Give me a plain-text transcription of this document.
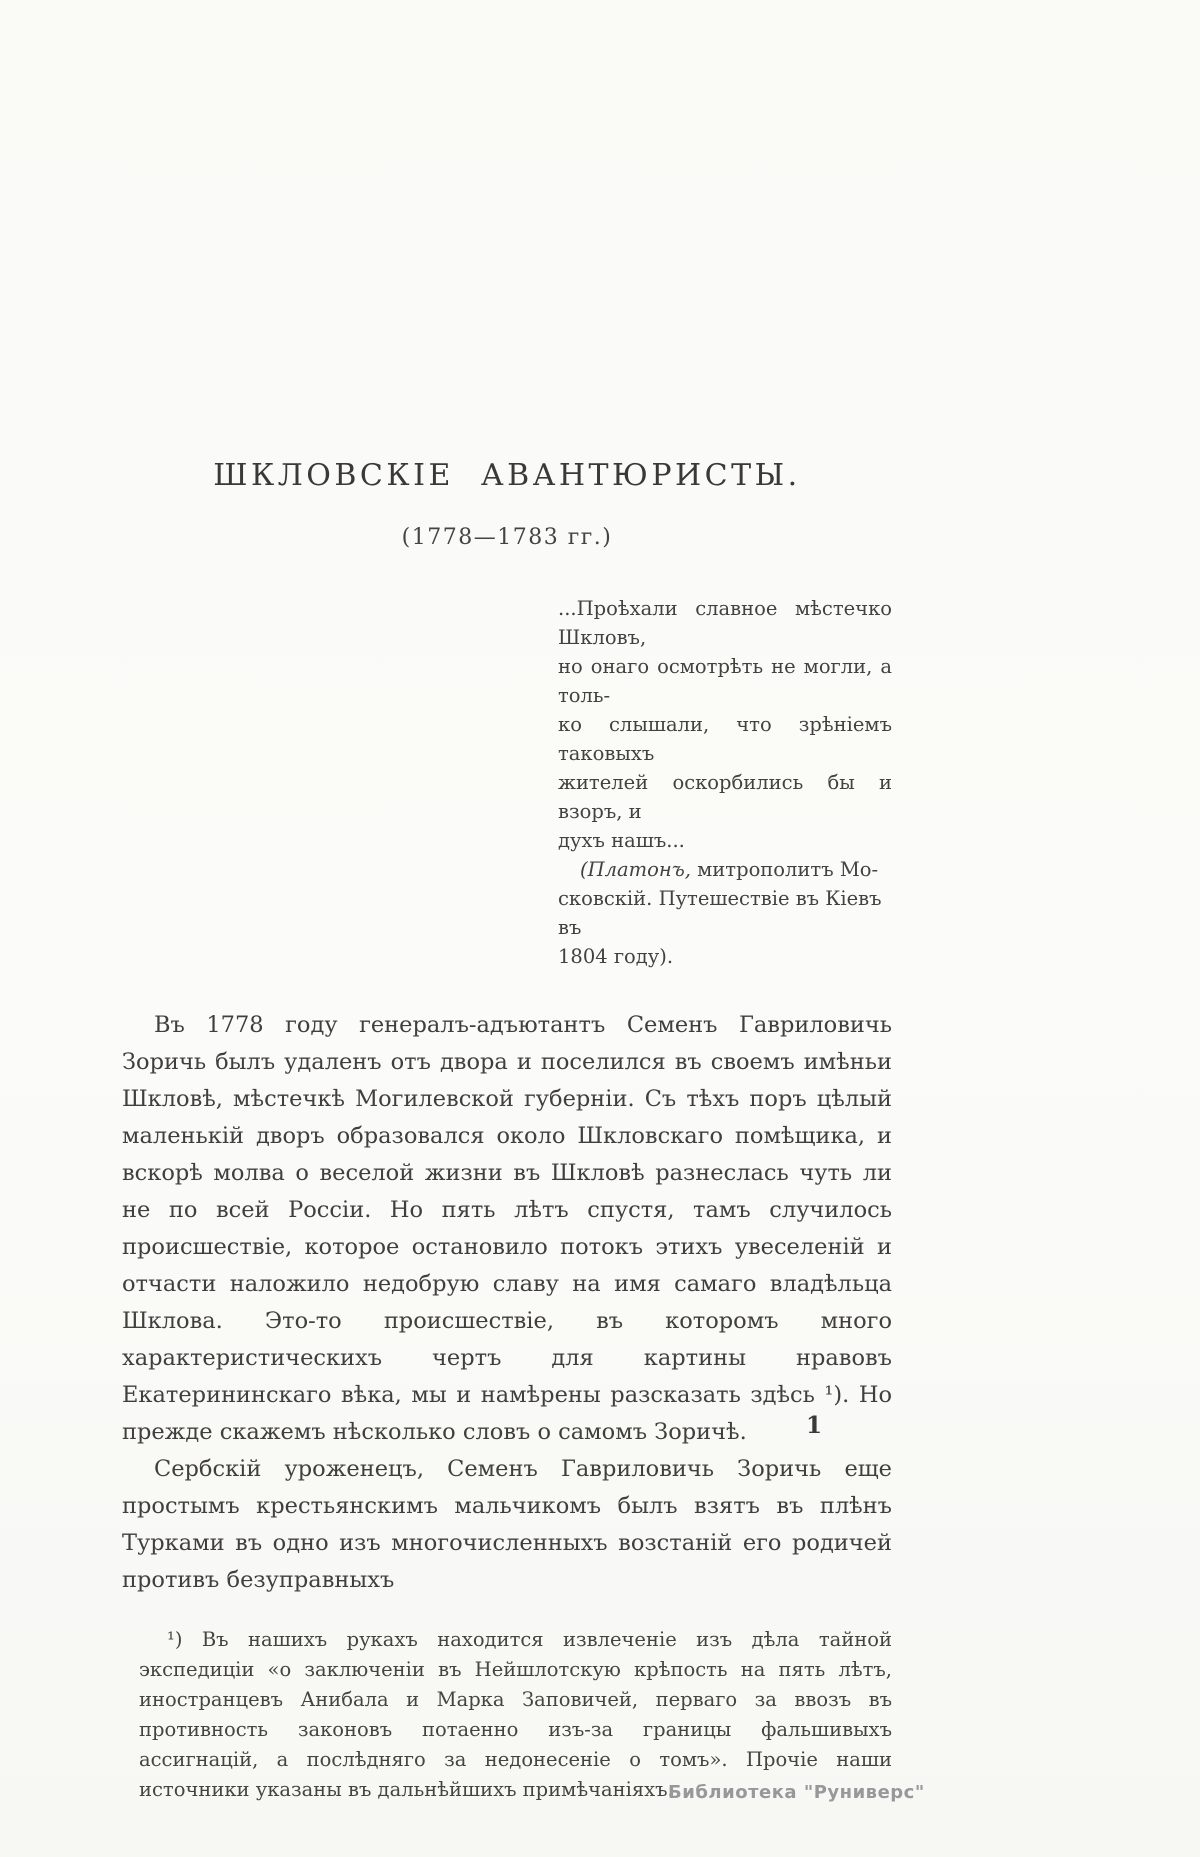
ШКЛОВСКІЕ АВАНТЮРИСТЫ.
(1778—1783 гг.)
...Проѣхали славное мѣстечко Шкловъ,
но онаго осмотрѣть не могли, а толь-
ко слышали, что зрѣніемъ таковыхъ
жителей оскорбились бы и взоръ, и
духъ нашъ...
(Платонъ, митрополитъ Мо-
сковскій. Путешествіе въ Кіевъ въ
1804 году).

Въ 1778 году генералъ-адъютантъ Семенъ Гавриловичь Зоричь былъ удаленъ отъ двора и поселился въ своемъ имѣньи Шкловѣ, мѣстечкѣ Могилевской губерніи. Съ тѣхъ поръ цѣлый маленькій дворъ образовался около Шкловскаго помѣщика, и вскорѣ молва о веселой жизни въ Шкловѣ разнеслась чуть ли не по всей Россіи. Но пять лѣтъ спустя, тамъ случилось происшествіе, которое остановило потокъ этихъ увеселеній и отчасти наложило недобрую славу на имя самаго владѣльца Шклова. Это-то происшествіе, въ которомъ много характеристическихъ чертъ для картины нравовъ Екатерининскаго вѣка, мы и намѣрены разсказать здѣсь ¹). Но прежде скажемъ нѣсколько словъ о самомъ Зоричѣ.

Сербскій уроженецъ, Семенъ Гавриловичь Зоричь еще простымъ крестьянскимъ мальчикомъ былъ взятъ въ плѣнъ Турками въ одно изъ многочисленныхъ возстаній его родичей противъ безуправныхъ

¹) Въ нашихъ рукахъ находится извлеченіе изъ дѣла тайной экспедиціи «о заключеніи въ Нейшлотскую крѣпость на пять лѣтъ, иностранцевъ Анибала и Марка Заповичей, перваго за ввозъ въ противность законовъ потаенно изъ-за границы фальшивыхъ ассигнацій, а послѣдняго за недонесеніе о томъ». Прочіе наши источники указаны въ дальнѣйшихъ примѣчаніяхъ.
1
Библиотека "Руниверс"
